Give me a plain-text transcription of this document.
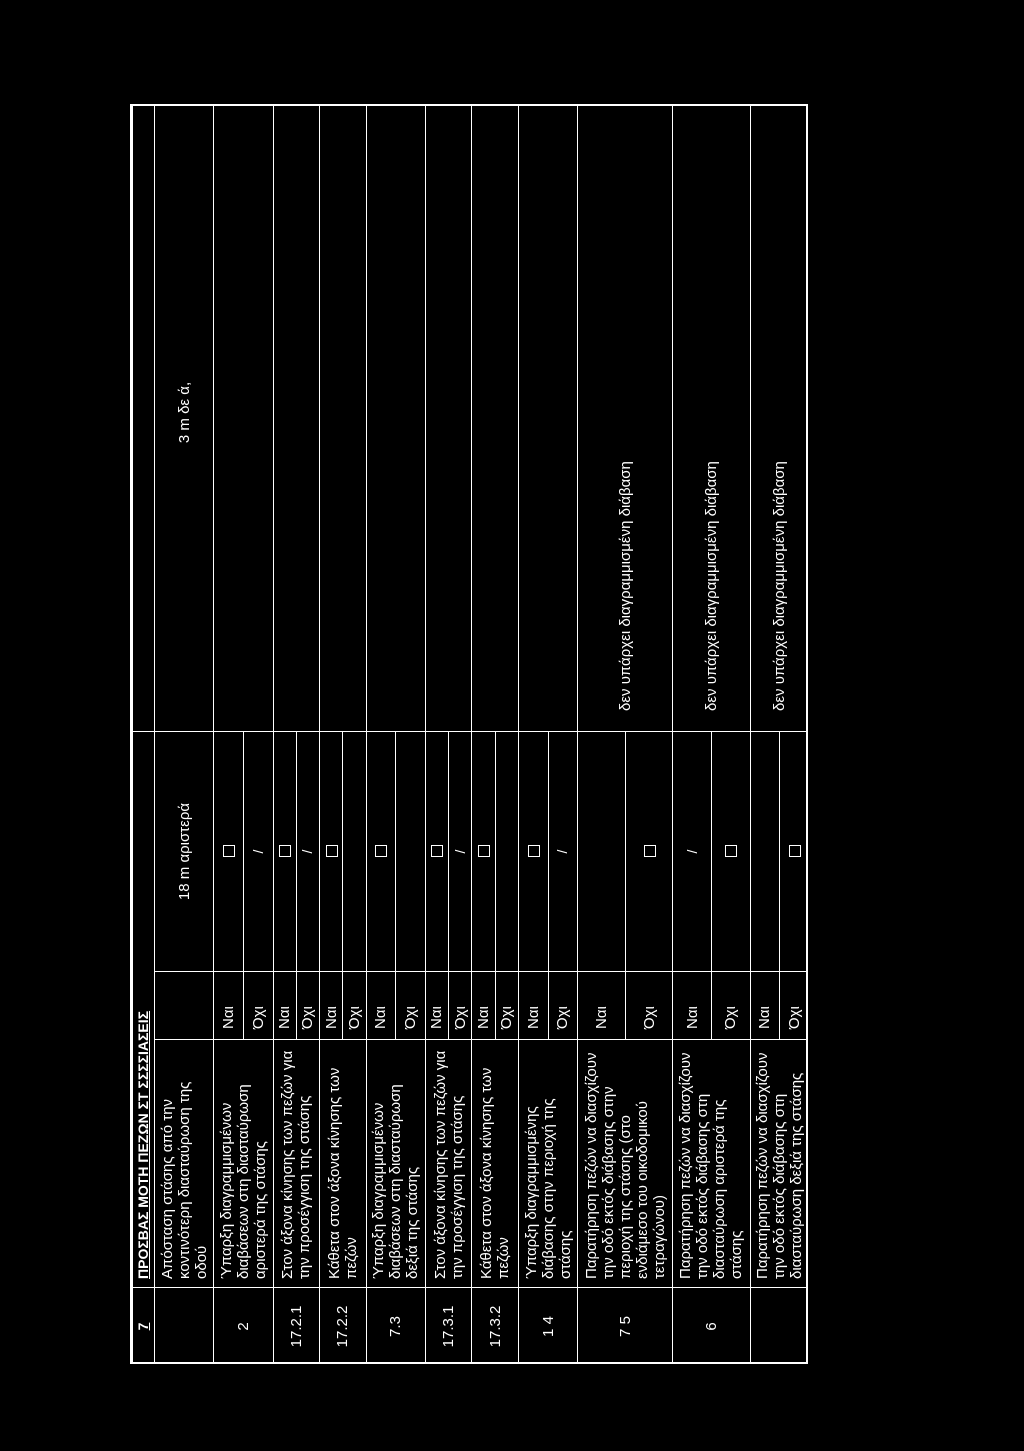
7	ΠΡΟΣΒΑΣ ΜΟΤΗ ΠΕΖΩΝ ΣΤ ΣΣΣΣΙΑΣΕΙΣ			
	Απόσταση στάσης από την κοντινότερη διασταύρωση της οδού		18 m αριστερά	3 m δε ά,
2	Ύπαρξη διαγραμμισμένων διαβάσεων στη διασταύρωση αριστερά της στάσης	Ναι		
		Όχι	/	
17.2.1	Στον άξονα κίνησης των πεζών για την προσέγγιση της στάσης	Ναι		
		Όχι	/	
17.2.2	Κάθετα στον άξονα κίνησης των πεζών	Ναι		
		Όχι		
7.3	Ύπαρξη διαγραμμισμένων διαβάσεων στη διασταύρωση δεξιά της στάσης	Ναι		
		Όχι		
17.3.1	Στον άξονα κίνησης των πεζών για την προσέγγιση της στάσης	Ναι		
		Όχι	/	
17.3.2	Κάθετα στον άξονα κίνησης των πεζών	Ναι		
		Όχι		
1 4	Ύπαρξη διαγραμμισμένης διάβασης στην περιοχή της στάσης	Ναι		
		Όχι	/	
7 5	Παρατήρηση πεζών να διασχίζουν την οδό εκτός διάβασης στην περιοχή της στάσης (στο ενδιάμεσο του οικοδομικού τετραγώνου)	Ναι		δεν υπάρχει διαγραμμισμένη διάβαση
		Όχι		
6	Παρατήρηση πεζών να διασχίζουν την οδό εκτός διάβασης στη διασταύρωση αριστερά της στάσης	Ναι	/	δεν υπάρχει διαγραμμισμένη διάβαση
		Όχι		
	Παρατήρηση πεζών να διασχίζουν την οδό εκτός διάβασης στη διασταύρωση δεξιά της στάσης	Ναι		δεν υπάρχει διαγραμμισμένη διάβαση
		Όχι		
